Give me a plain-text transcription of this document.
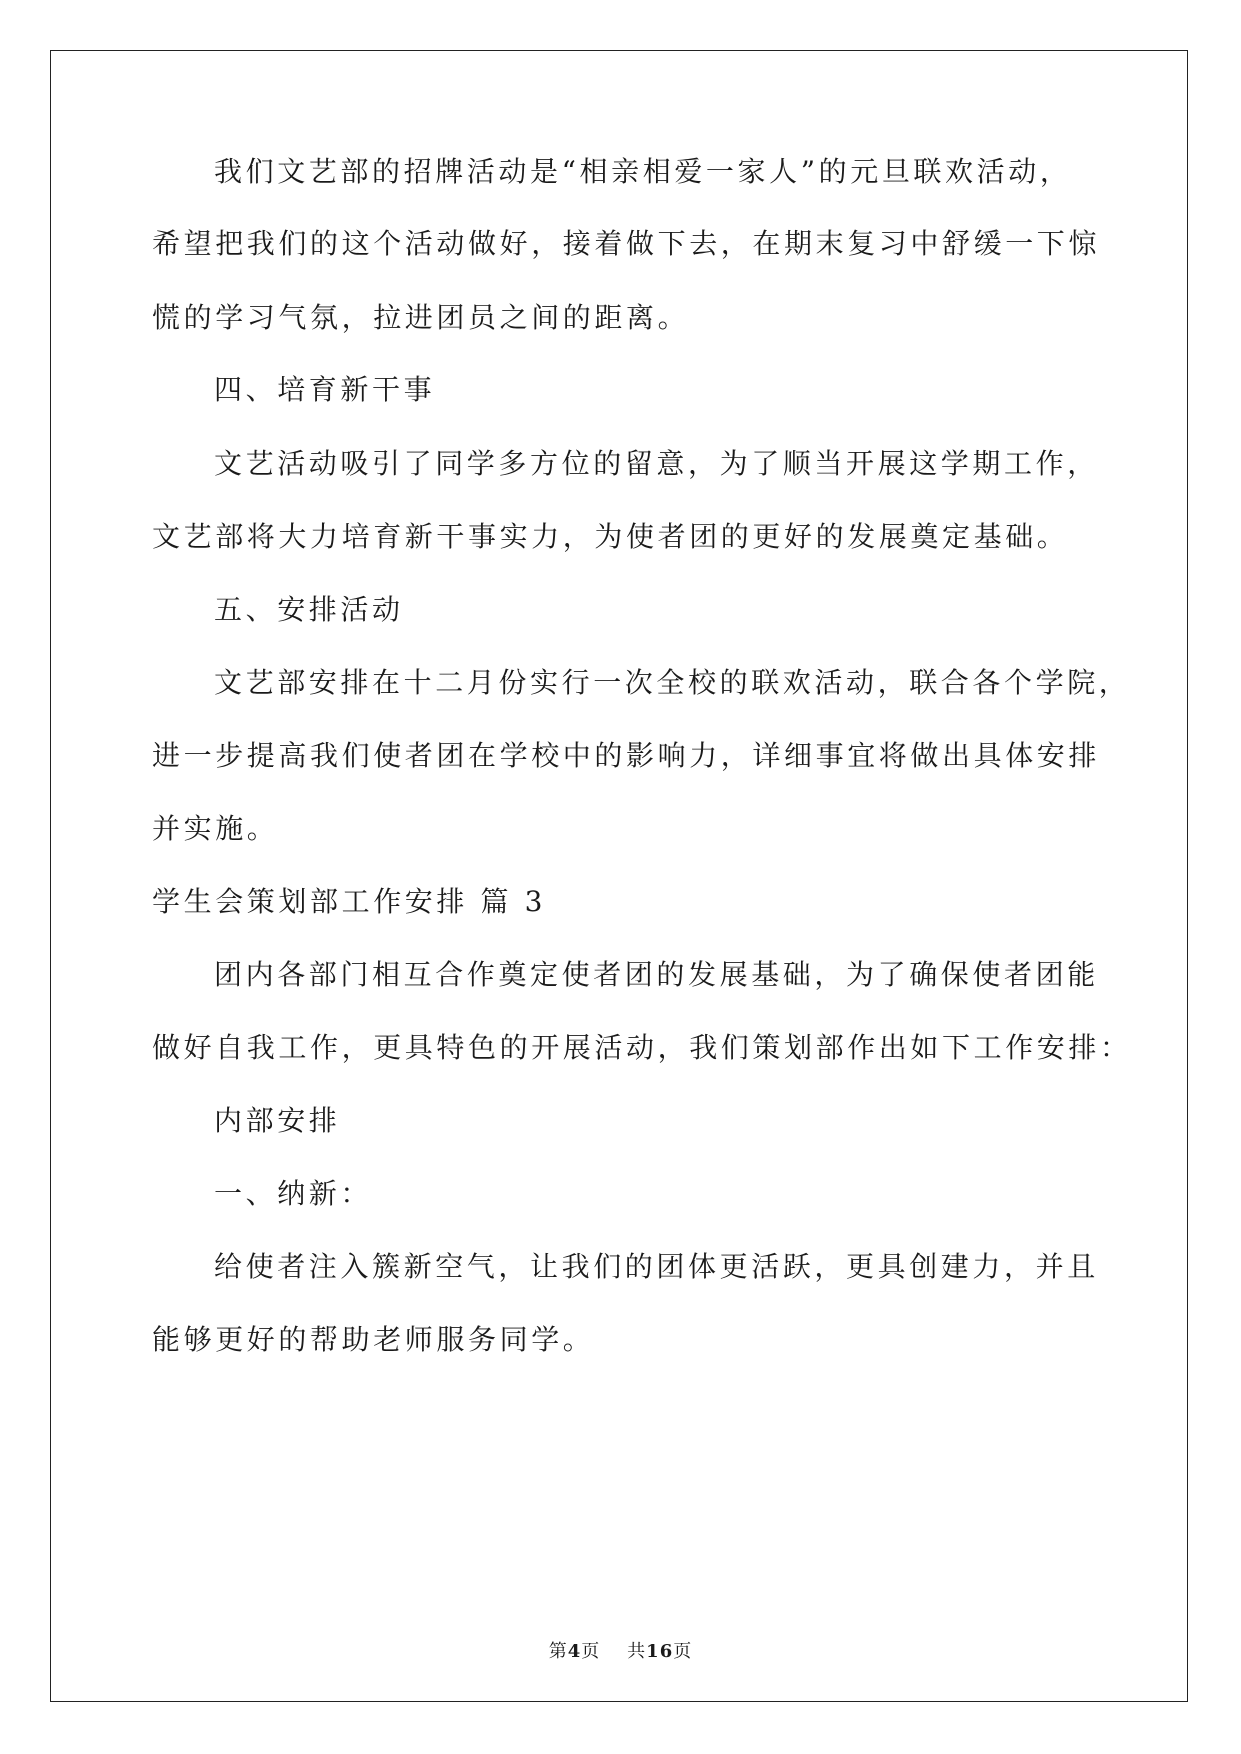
我们文艺部的招牌活动是“相亲相爱一家人”的元旦联欢活动，
希望把我们的这个活动做好，接着做下去，在期末复习中舒缓一下惊
慌的学习气氛，拉进团员之间的距离。
四、培育新干事
文艺活动吸引了同学多方位的留意，为了顺当开展这学期工作，
文艺部将大力培育新干事实力，为使者团的更好的发展奠定基础。
五、安排活动
文艺部安排在十二月份实行一次全校的联欢活动，联合各个学院，
进一步提高我们使者团在学校中的影响力，详细事宜将做出具体安排
并实施。
学生会策划部工作安排 篇 3
团内各部门相互合作奠定使者团的发展基础，为了确保使者团能
做好自我工作，更具特色的开展活动，我们策划部作出如下工作安排：
内部安排
一、纳新：
给使者注入簇新空气，让我们的团体更活跃，更具创建力，并且
能够更好的帮助老师服务同学。
第4页    共16页
